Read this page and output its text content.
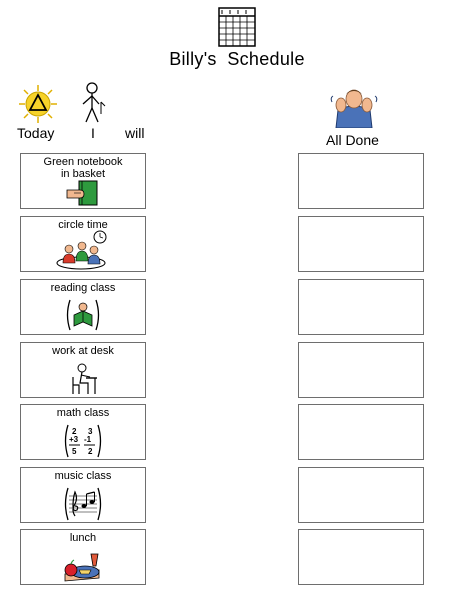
Billy's  Schedule
Today	I will	All Done
Green notebook
in basket
circle time
reading class
work at desk
math class
2
+3
5
3
-1
2
music class
lunch
